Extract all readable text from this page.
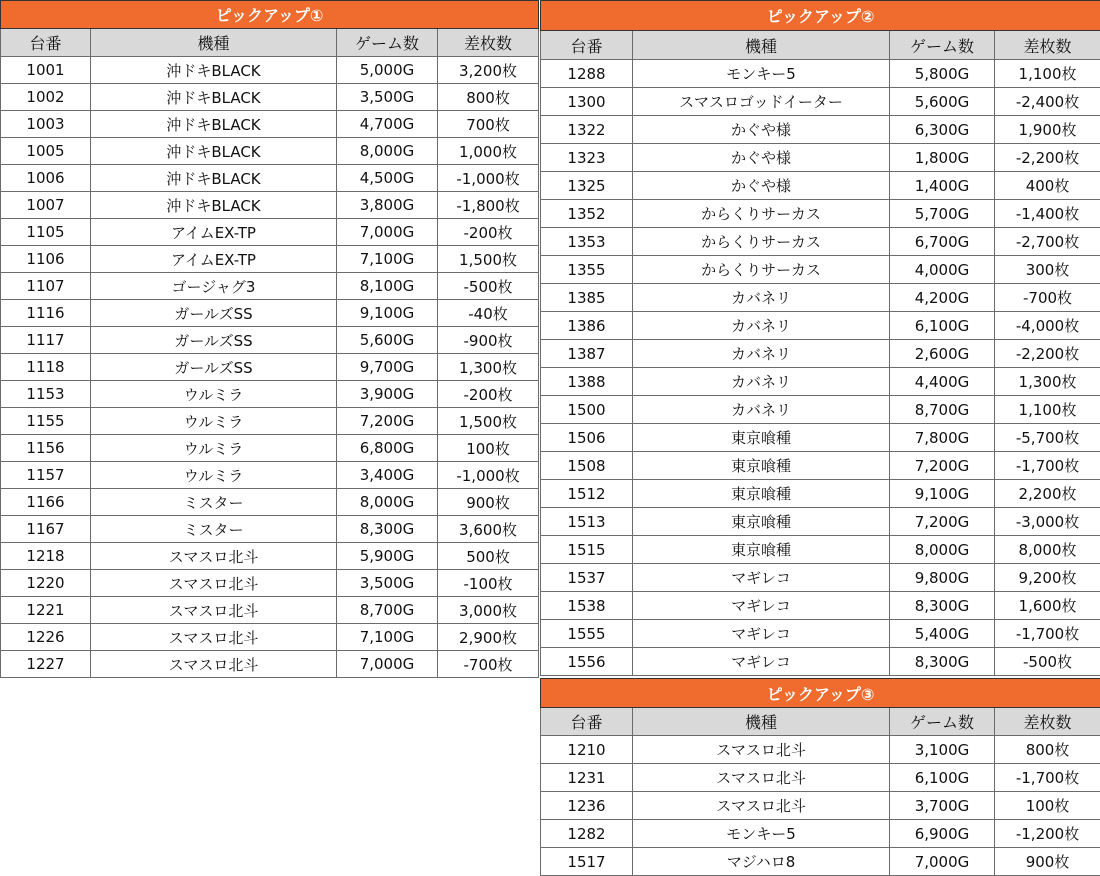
ピックアップ①			
台番	機種	ゲーム数	差枚数
1001	沖ドキBLACK	5,000G	3,200枚
1002	沖ドキBLACK	3,500G	800枚
1003	沖ドキBLACK	4,700G	700枚
1005	沖ドキBLACK	8,000G	1,000枚
1006	沖ドキBLACK	4,500G	-1,000枚
1007	沖ドキBLACK	3,800G	-1,800枚
1105	アイムEX-TP	7,000G	-200枚
1106	アイムEX-TP	7,100G	1,500枚
1107	ゴージャグ3	8,100G	-500枚
1116	ガールズSS	9,100G	-40枚
1117	ガールズSS	5,600G	-900枚
1118	ガールズSS	9,700G	1,300枚
1153	ウルミラ	3,900G	-200枚
1155	ウルミラ	7,200G	1,500枚
1156	ウルミラ	6,800G	100枚
1157	ウルミラ	3,400G	-1,000枚
1166	ミスター	8,000G	900枚
1167	ミスター	8,300G	3,600枚
1218	スマスロ北斗	5,900G	500枚
1220	スマスロ北斗	3,500G	-100枚
1221	スマスロ北斗	8,700G	3,000枚
1226	スマスロ北斗	7,100G	2,900枚
1227	スマスロ北斗	7,000G	-700枚
ピックアップ②			
台番	機種	ゲーム数	差枚数
1288	モンキー5	5,800G	1,100枚
1300	スマスロゴッドイーター	5,600G	-2,400枚
1322	かぐや様	6,300G	1,900枚
1323	かぐや様	1,800G	-2,200枚
1325	かぐや様	1,400G	400枚
1352	からくりサーカス	5,700G	-1,400枚
1353	からくりサーカス	6,700G	-2,700枚
1355	からくりサーカス	4,000G	300枚
1385	カバネリ	4,200G	-700枚
1386	カバネリ	6,100G	-4,000枚
1387	カバネリ	2,600G	-2,200枚
1388	カバネリ	4,400G	1,300枚
1500	カバネリ	8,700G	1,100枚
1506	東京喰種	7,800G	-5,700枚
1508	東京喰種	7,200G	-1,700枚
1512	東京喰種	9,100G	2,200枚
1513	東京喰種	7,200G	-3,000枚
1515	東京喰種	8,000G	8,000枚
1537	マギレコ	9,800G	9,200枚
1538	マギレコ	8,300G	1,600枚
1555	マギレコ	5,400G	-1,700枚
1556	マギレコ	8,300G	-500枚
ピックアップ③			
台番	機種	ゲーム数	差枚数
1210	スマスロ北斗	3,100G	800枚
1231	スマスロ北斗	6,100G	-1,700枚
1236	スマスロ北斗	3,700G	100枚
1282	モンキー5	6,900G	-1,200枚
1517	マジハロ8	7,000G	900枚
